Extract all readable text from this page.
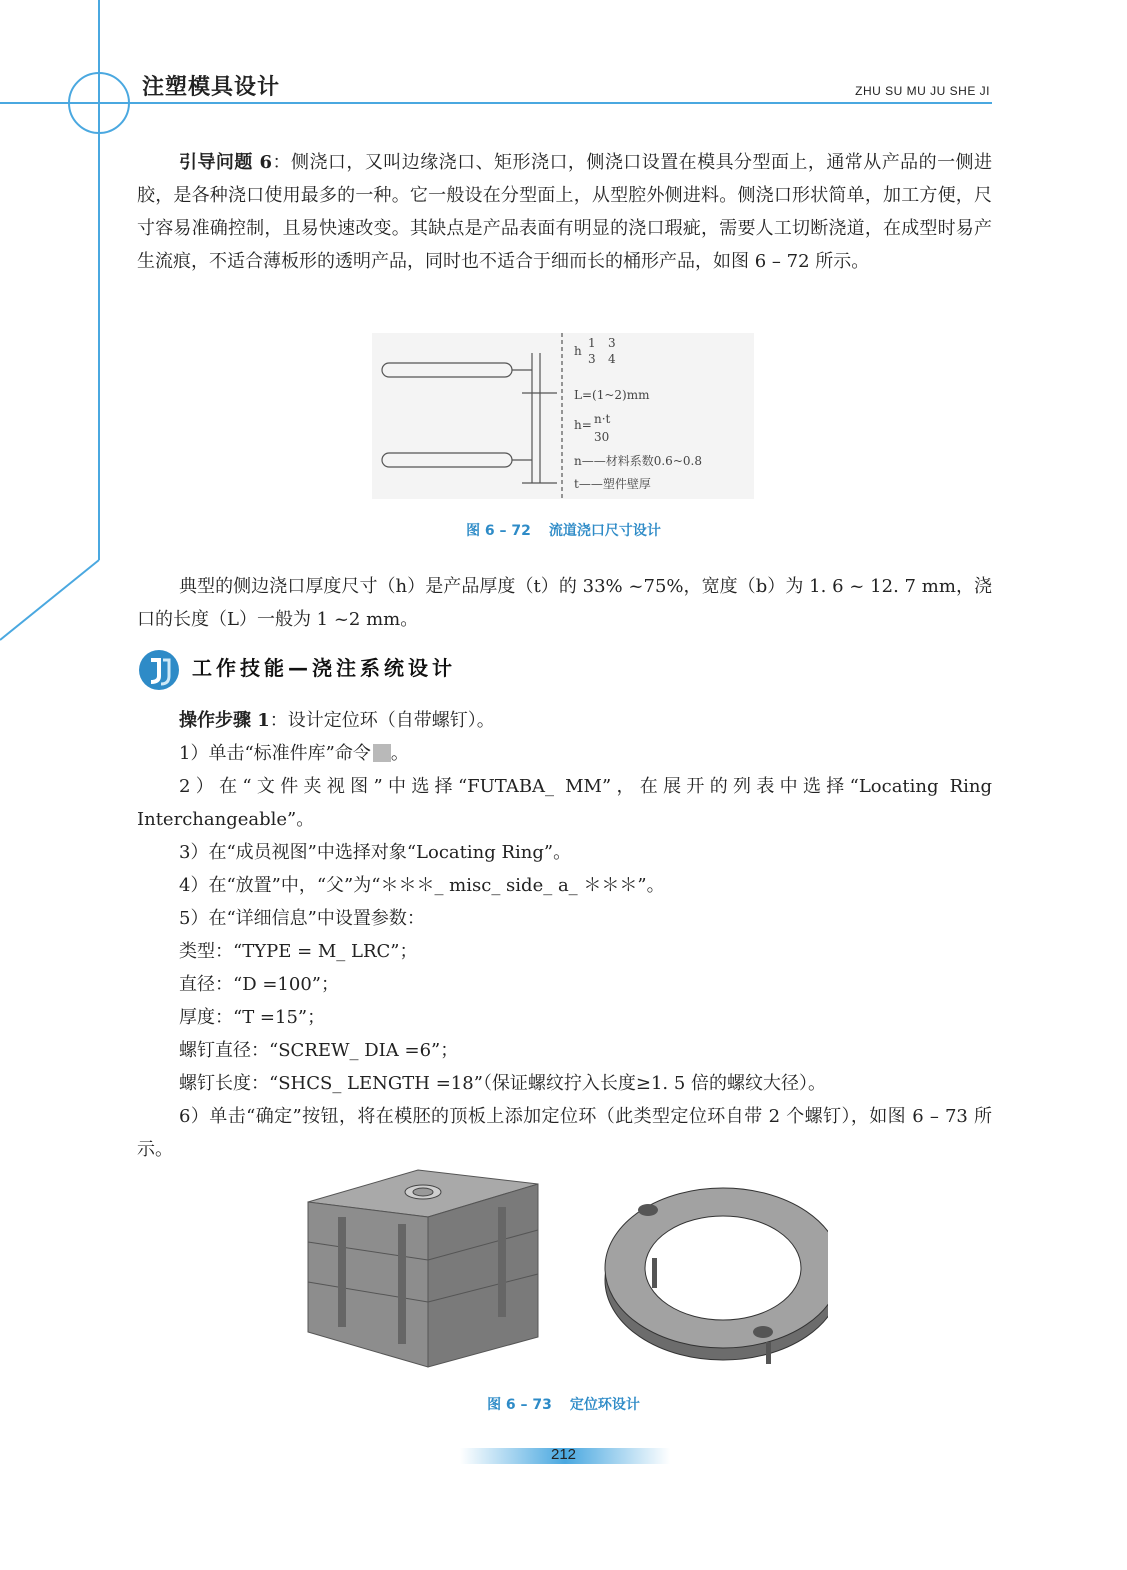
注塑模具设计	ZHU SU MU JU SHE JI
引导问题 6：侧浇口，又叫边缘浇口、矩形浇口，侧浇口设置在模具分型面上，通常从产品的一侧进胶，是各种浇口使用最多的一种。它一般设在分型面上，从型腔外侧进料。侧浇口形状简单，加工方便，尺寸容易准确控制，且易快速改变。其缺点是产品表面有明显的浇口瑕疵，需要人工切断浇道，在成型时易产生流痕，不适合薄板形的透明产品，同时也不适合于细而长的桶形产品，如图 6 – 72 所示。
h
1 3
3 4
L=(1~2)mm
h= n·t
30
n——材料系数0.6~0.8
t——塑件壁厚
图 6 – 72 流道浇口尺寸设计
典型的侧边浇口厚度尺寸（h）是产品厚度（t）的 33% ~75%，宽度（b）为 1. 6 ~ 12. 7 mm，浇口的长度（L）一般为 1 ~2 mm。
工作技能—浇注系统设计
操作步骤 1：设计定位环（自带螺钉）。
1）单击“标准件库”命令 。
2）在“文件夹视图”中选择“FUTABA_ MM”，在展开的列表中选择“Locating Ring Interchangeable”。
3）在“成员视图”中选择对象“Locating Ring”。
4）在“放置”中，“父”为“＊＊＊_ misc_ side_ a_ ＊＊＊”。
5）在“详细信息”中设置参数：
类型：“TYPE = M_ LRC”；
直径：“D =100”；
厚度：“T =15”；
螺钉直径：“SCREW_ DIA =6”；
螺钉长度：“SHCS_ LENGTH =18”（保证螺纹拧入长度≥1. 5 倍的螺纹大径）。
6）单击“确定”按钮，将在模胚的顶板上添加定位环（此类型定位环自带 2 个螺钉），如图 6 – 73 所示。
图 6 – 73 定位环设计
212
